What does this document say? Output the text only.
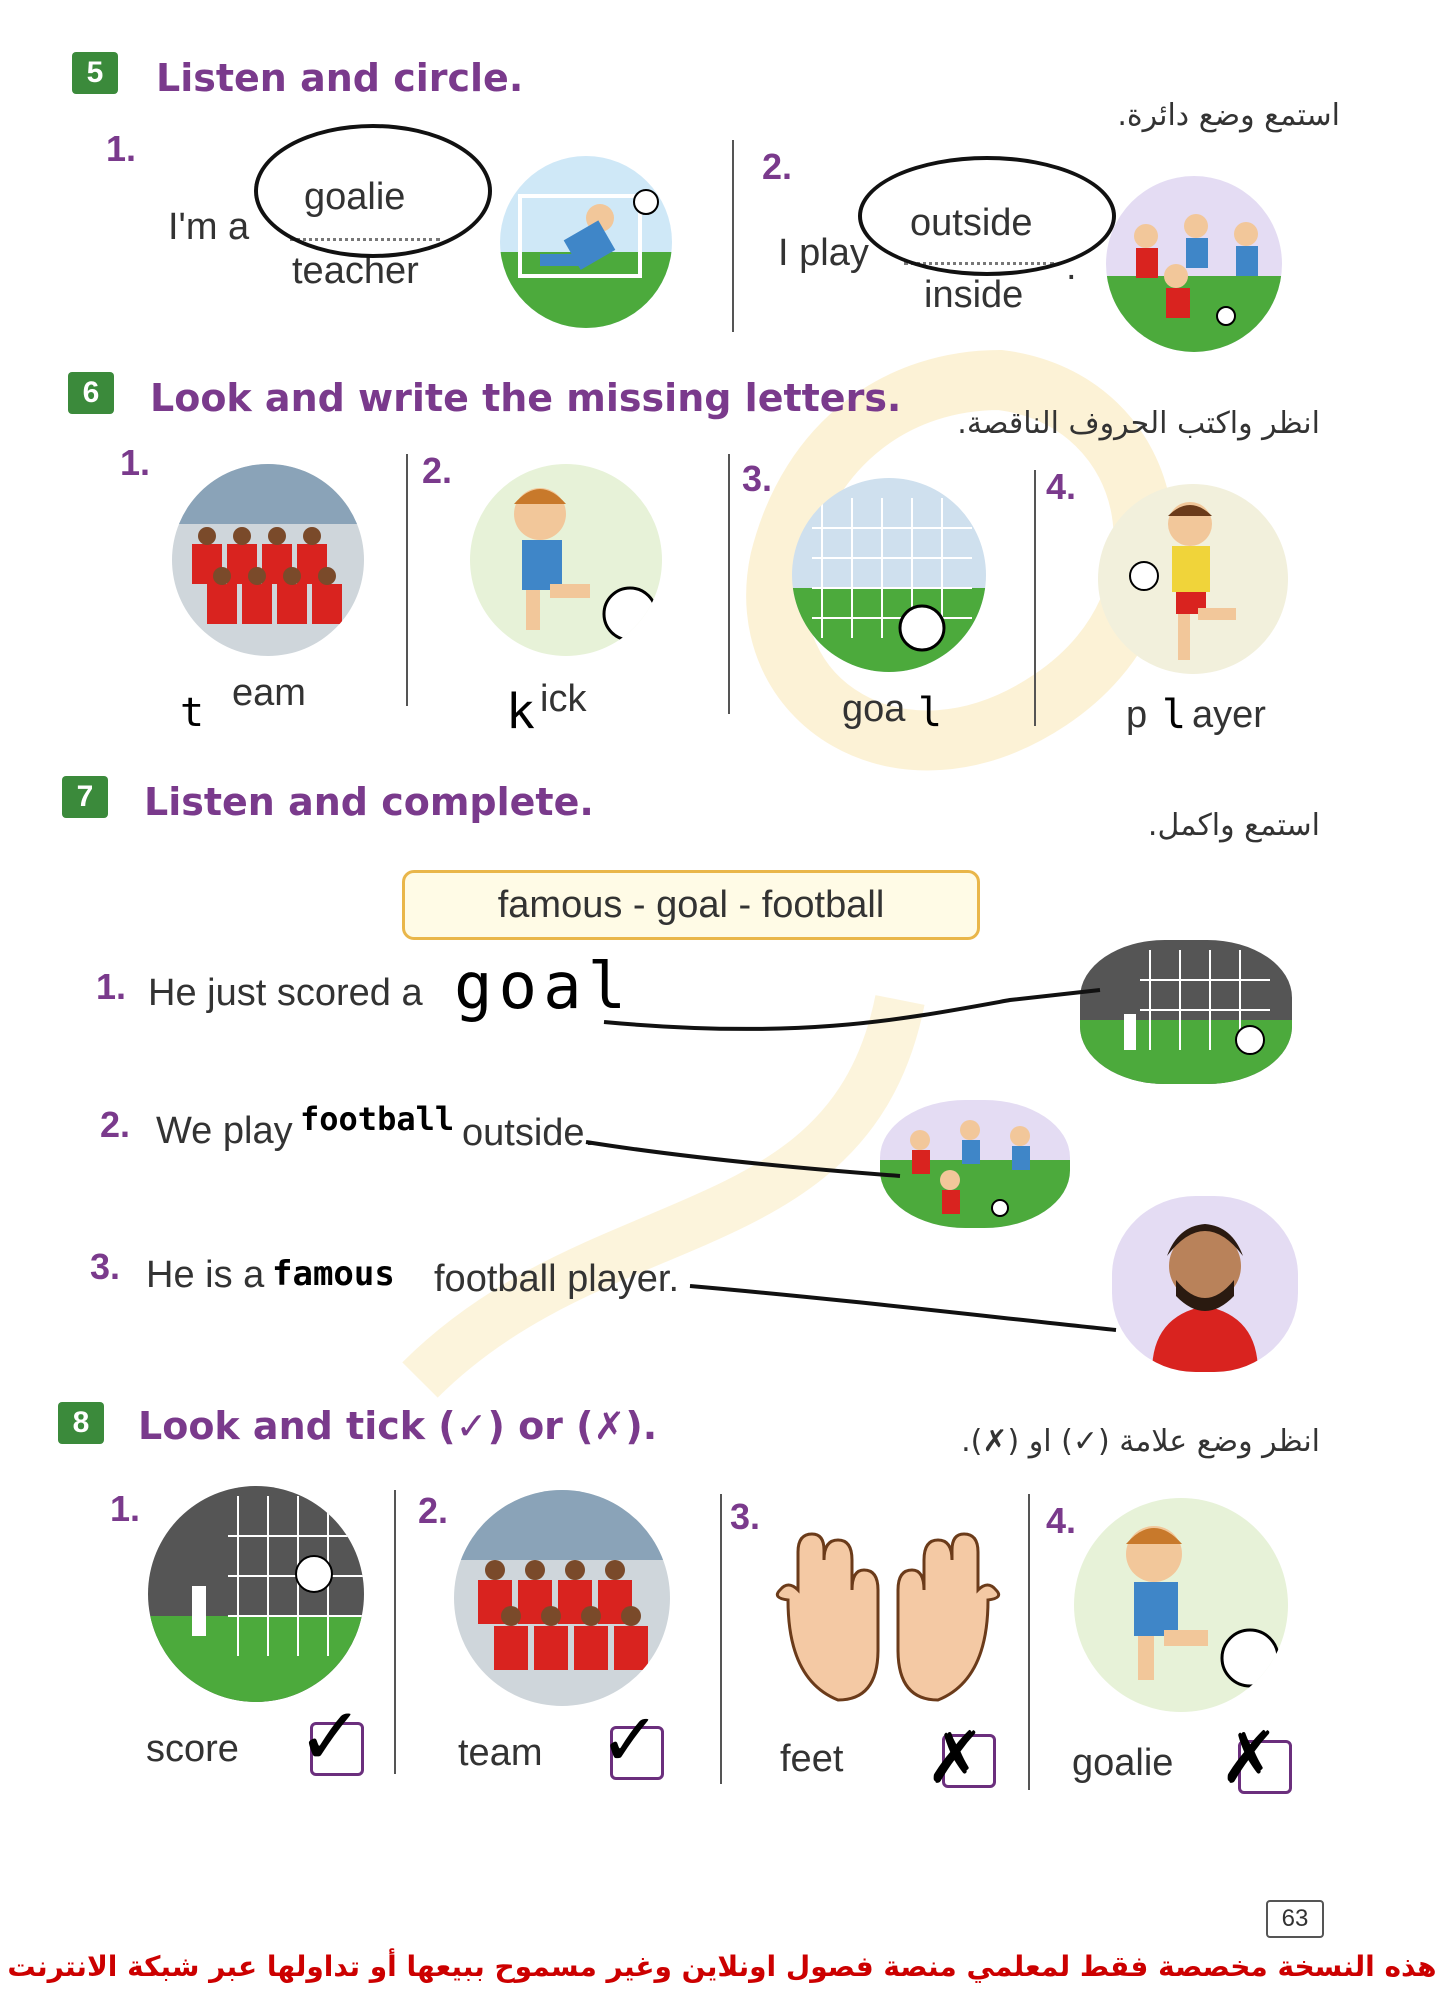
5	Listen and circle.
استمع وضع دائرة.
1.
I'm a
goalie
teacher
2.
I play
outside
inside
.
6	Look and write the missing letters.
انظر واكتب الحروف الناقصة.
1.
t eam
2.
k ick
3.
goa l
4.
p l ayer
7	Listen and complete.
استمع واكمل.
famous - goal - football
1. He just scored a goal
2. We play football outside.
3. He is a famous football player.
8	Look and tick (✓) or (✗).	انظر وضع علامة (✓) او (✗).
1.
score ✓
2.
team ✓
3.
feet ✗
4.
goalie ✗
63
هذه النسخة مخصصة فقط لمعلمي منصة فصول اونلاين وغير مسموح ببيعها أو تداولها عبر شبكة الانترنت
